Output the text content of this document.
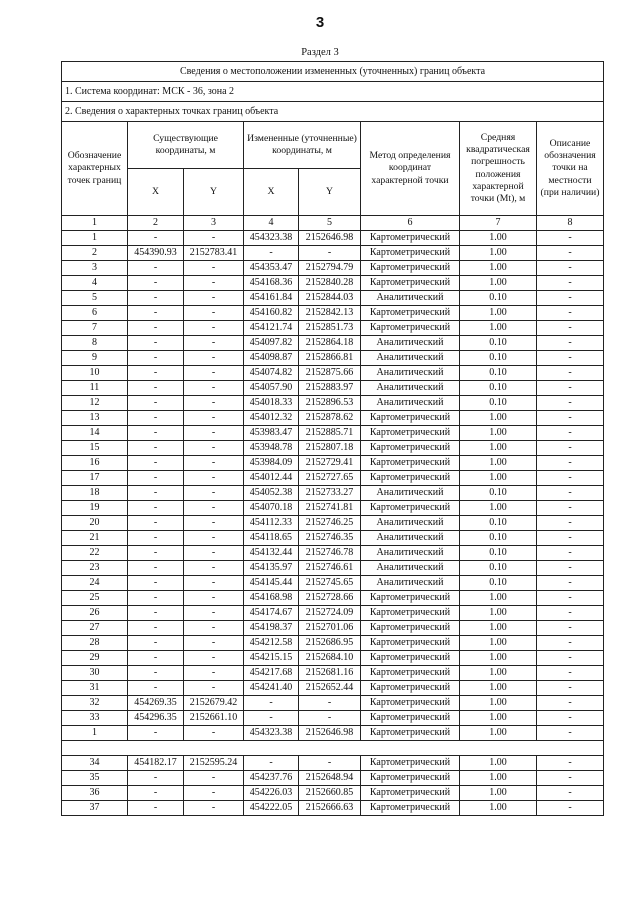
3
Раздел 3
Сведения о местоположении измененных (уточненных) границ объекта							
1. Система координат: МСК - 36, зона 2							
2. Сведения о характерных точках границ объекта							
Обозначение характерных точек границ	Существующие координаты, м		Измененные (уточненные) координаты, м		Метод определения координат характерной точки	Средняя квадратическая погрешность положения характерной точки (Mt), м	Описание обозначения точки на местности (при наличии)
	X	Y	X	Y			
1	2	3	4	5	6	7	8
1	-	-	454323.38	2152646.98	Картометрический	1.00	-
2	454390.93	2152783.41	-	-	Картометрический	1.00	-
3	-	-	454353.47	2152794.79	Картометрический	1.00	-
4	-	-	454168.36	2152840.28	Картометрический	1.00	-
5	-	-	454161.84	2152844.03	Аналитический	0.10	-
6	-	-	454160.82	2152842.13	Картометрический	1.00	-
7	-	-	454121.74	2152851.73	Картометрический	1.00	-
8	-	-	454097.82	2152864.18	Аналитический	0.10	-
9	-	-	454098.87	2152866.81	Аналитический	0.10	-
10	-	-	454074.82	2152875.66	Аналитический	0.10	-
11	-	-	454057.90	2152883.97	Аналитический	0.10	-
12	-	-	454018.33	2152896.53	Аналитический	0.10	-
13	-	-	454012.32	2152878.62	Картометрический	1.00	-
14	-	-	453983.47	2152885.71	Картометрический	1.00	-
15	-	-	453948.78	2152807.18	Картометрический	1.00	-
16	-	-	453984.09	2152729.41	Картометрический	1.00	-
17	-	-	454012.44	2152727.65	Картометрический	1.00	-
18	-	-	454052.38	2152733.27	Аналитический	0.10	-
19	-	-	454070.18	2152741.81	Картометрический	1.00	-
20	-	-	454112.33	2152746.25	Аналитический	0.10	-
21	-	-	454118.65	2152746.35	Аналитический	0.10	-
22	-	-	454132.44	2152746.78	Аналитический	0.10	-
23	-	-	454135.97	2152746.61	Аналитический	0.10	-
24	-	-	454145.44	2152745.65	Аналитический	0.10	-
25	-	-	454168.98	2152728.66	Картометрический	1.00	-
26	-	-	454174.67	2152724.09	Картометрический	1.00	-
27	-	-	454198.37	2152701.06	Картометрический	1.00	-
28	-	-	454212.58	2152686.95	Картометрический	1.00	-
29	-	-	454215.15	2152684.10	Картометрический	1.00	-
30	-	-	454217.68	2152681.16	Картометрический	1.00	-
31	-	-	454241.40	2152652.44	Картометрический	1.00	-
32	454269.35	2152679.42	-	-	Картометрический	1.00	-
33	454296.35	2152661.10	-	-	Картометрический	1.00	-
1	-	-	454323.38	2152646.98	Картометрический	1.00	-

34	454182.17	2152595.24	-	-	Картометрический	1.00	-
35	-	-	454237.76	2152648.94	Картометрический	1.00	-
36	-	-	454226.03	2152660.85	Картометрический	1.00	-
37	-	-	454222.05	2152666.63	Картометрический	1.00	-
